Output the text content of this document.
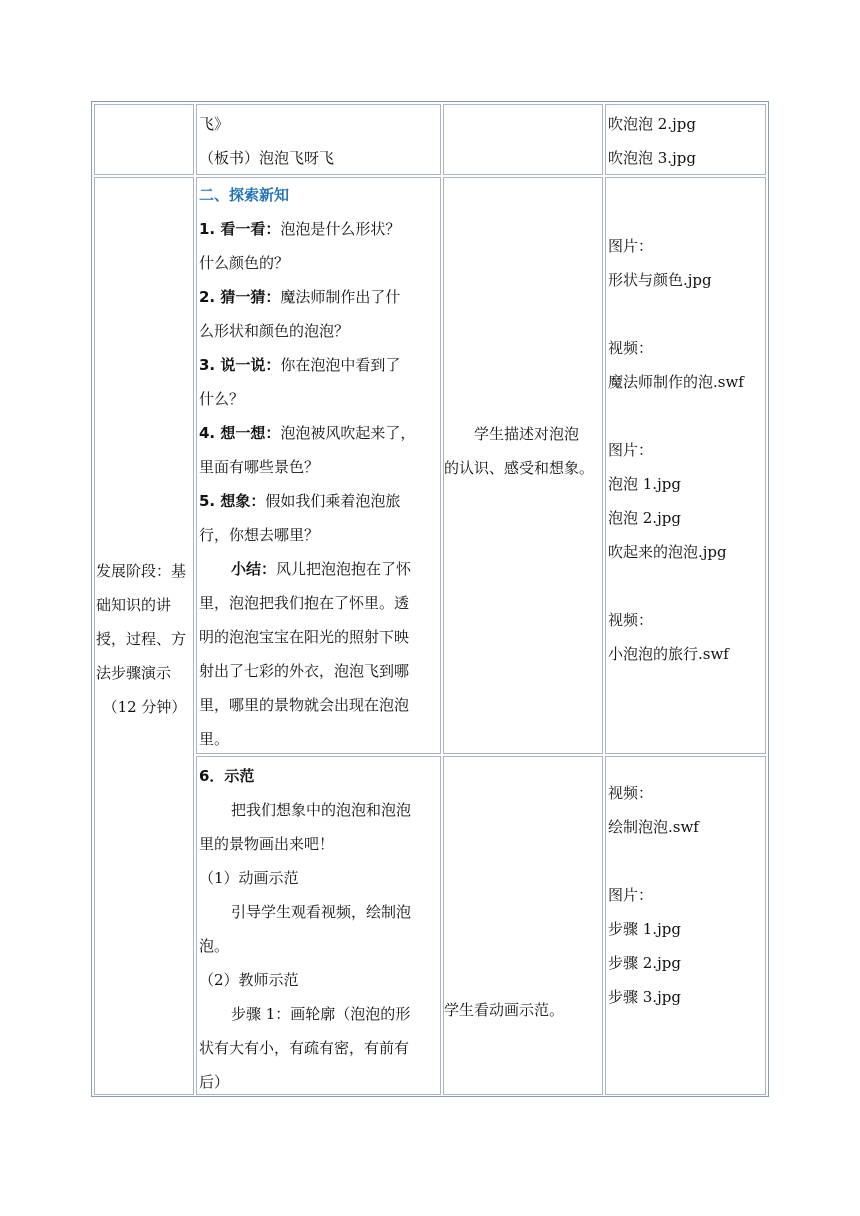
飞》
（板书）泡泡飞呀飞
吹泡泡 2.jpg
吹泡泡 3.jpg
发展阶段：基
础知识的讲
授，过程、方
法步骤演示
（12 分钟）
二、探索新知
1. 看一看：泡泡是什么形状？
什么颜色的？
2. 猜一猜：魔法师制作出了什
么形状和颜色的泡泡？
3. 说一说：你在泡泡中看到了
什么？
4. 想一想：泡泡被风吹起来了，
里面有哪些景色？
5. 想象：假如我们乘着泡泡旅
行，你想去哪里？
小结：风儿把泡泡抱在了怀
里，泡泡把我们抱在了怀里。透
明的泡泡宝宝在阳光的照射下映
射出了七彩的外衣，泡泡飞到哪
里，哪里的景物就会出现在泡泡
里。
学生描述对泡泡
的认识、感受和想象。
图片：
形状与颜色.jpg
视频：
魔法师制作的泡.swf
图片：
泡泡 1.jpg
泡泡 2.jpg
吹起来的泡泡.jpg
视频：
小泡泡的旅行.swf
6．示范
把我们想象中的泡泡和泡泡
里的景物画出来吧！
（1）动画示范
引导学生观看视频，绘制泡
泡。
（2）教师示范
步骤 1：画轮廓（泡泡的形
状有大有小，有疏有密，有前有
后）
学生看动画示范。
视频：
绘制泡泡.swf
图片：
步骤 1.jpg
步骤 2.jpg
步骤 3.jpg
